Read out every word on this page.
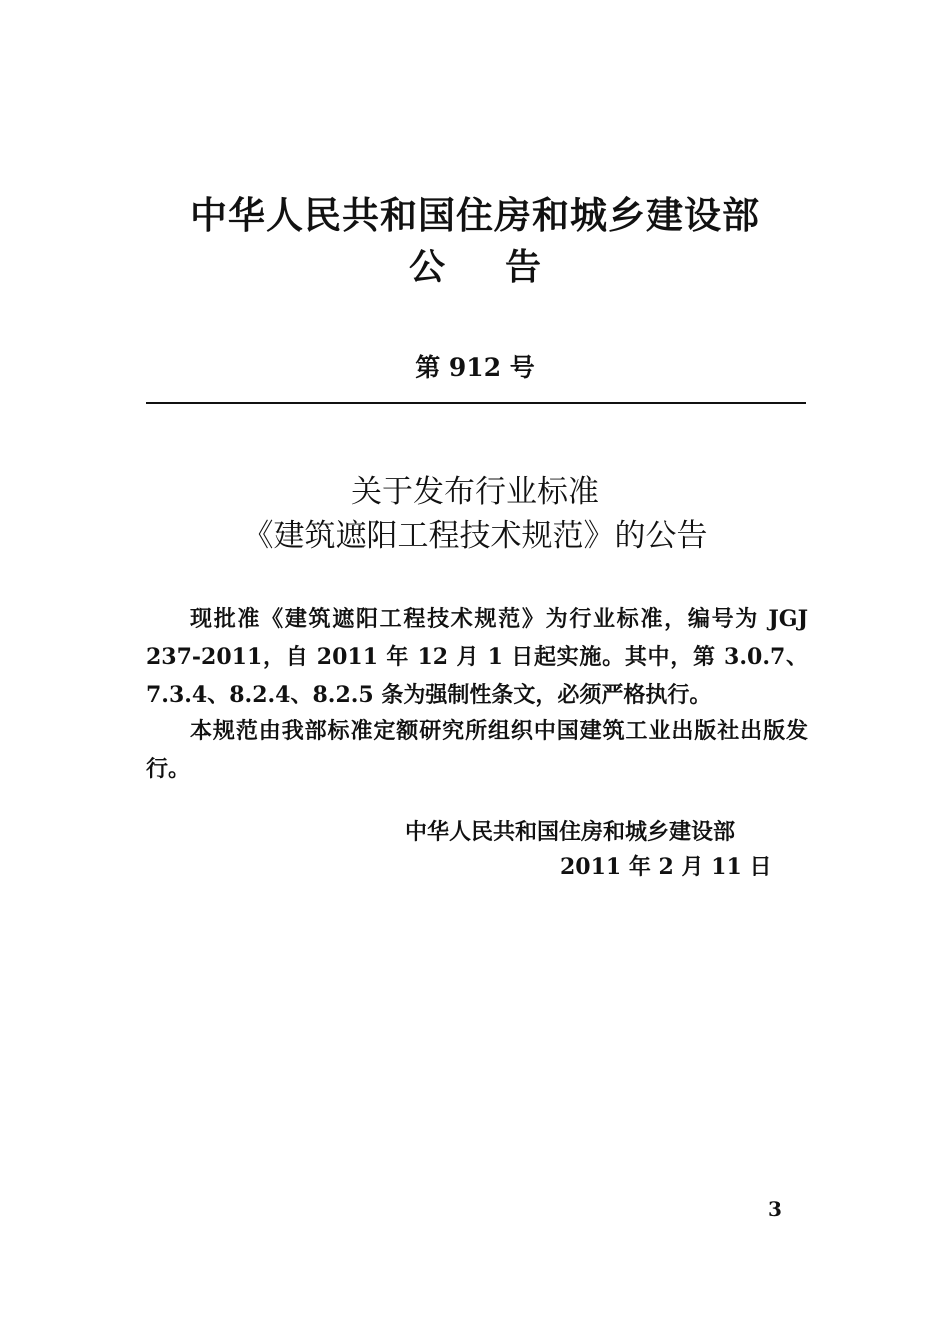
中华人民共和国住房和城乡建设部
公告
第 912 号
关于发布行业标准
《建筑遮阳工程技术规范》的公告
现批准《建筑遮阳工程技术规范》为行业标准，编号为 JGJ 237-2011，自 2011 年 12 月 1 日起实施。其中，第 3.0.7、7.3.4、8.2.4、8.2.5 条为强制性条文，必须严格执行。
本规范由我部标准定额研究所组织中国建筑工业出版社出版发行。
中华人民共和国住房和城乡建设部
2011 年 2 月 11 日
3
